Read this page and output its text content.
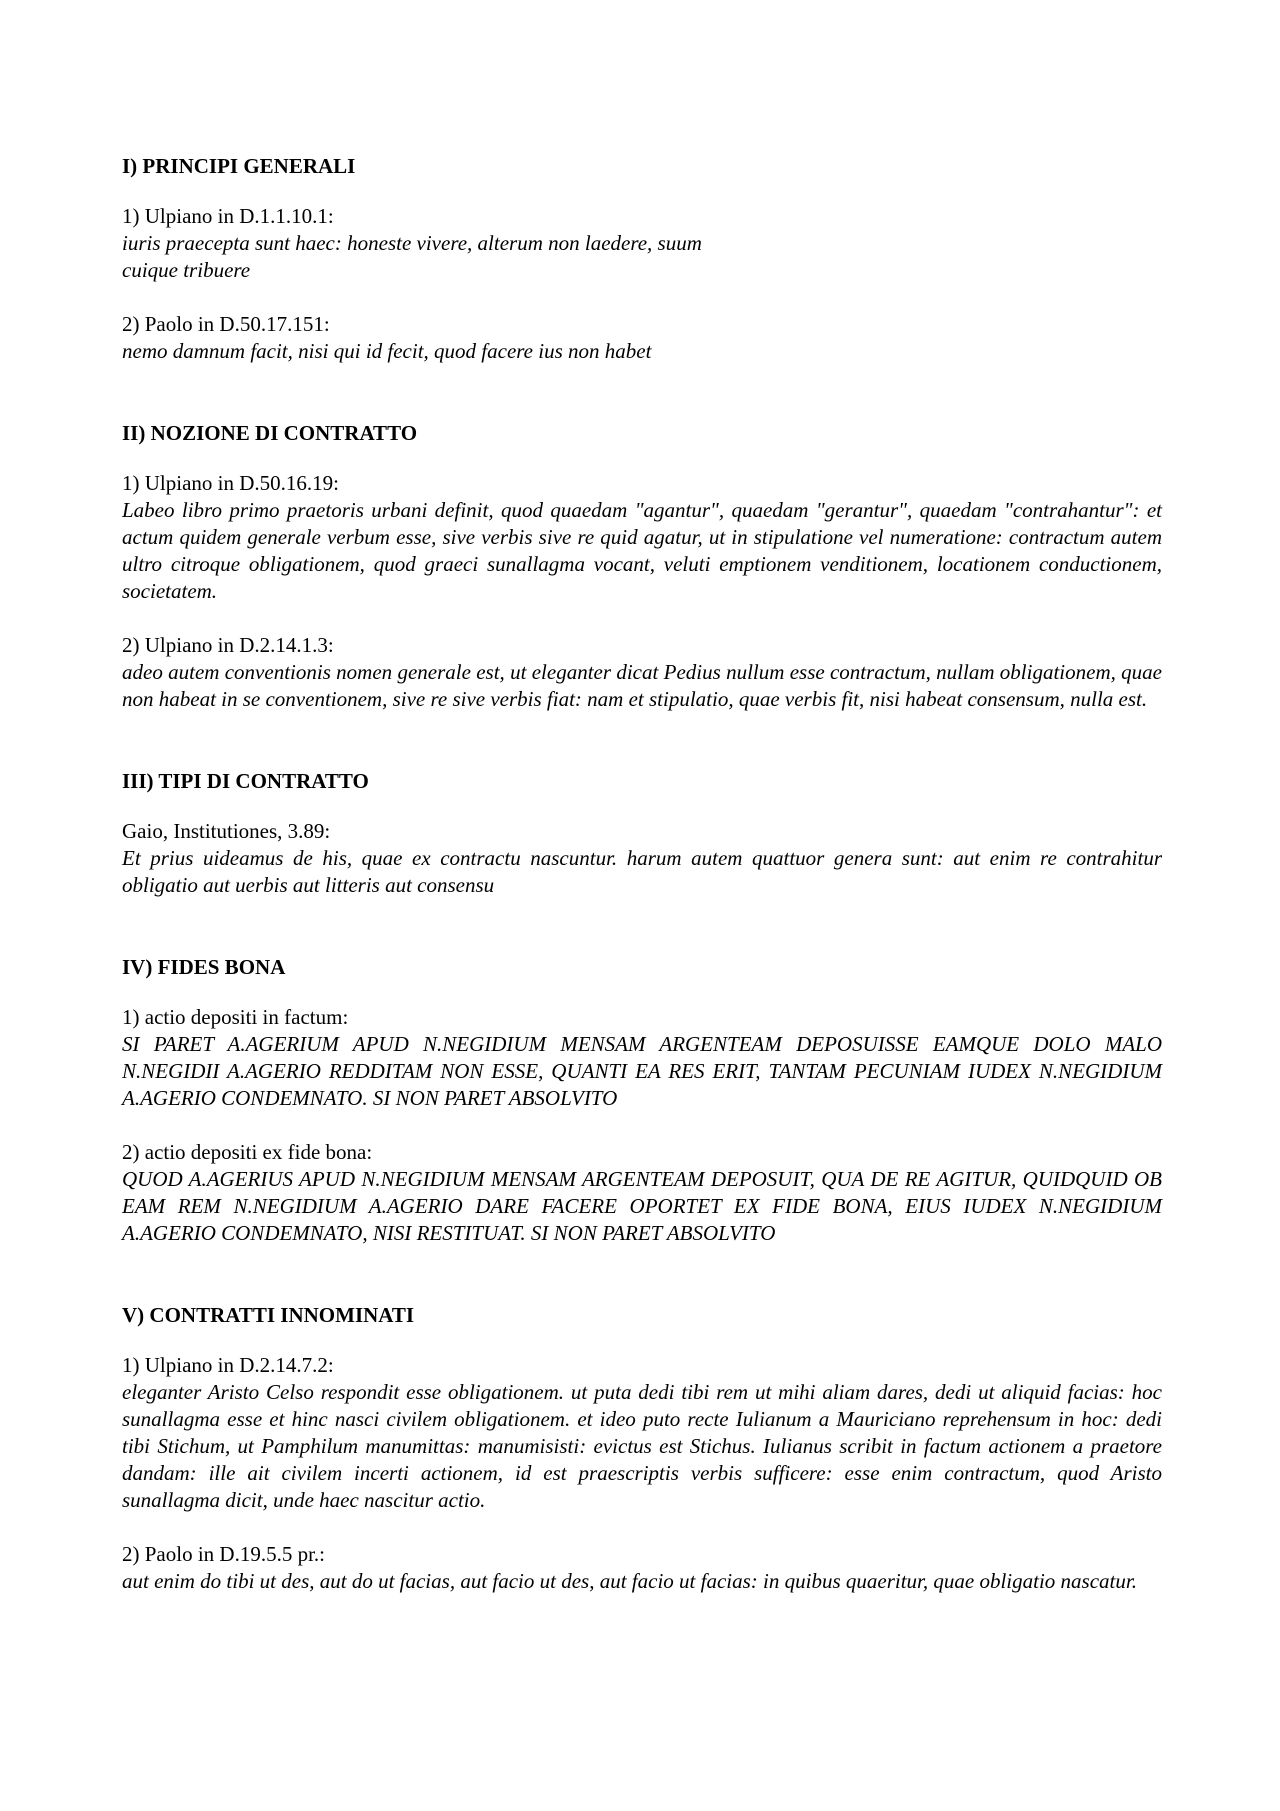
I) PRINCIPI GENERALI

1) Ulpiano in D.1.1.10.1:

iuris praecepta sunt haec: honeste vivere, alterum non laedere, suum

cuique tribuere

2) Paolo in D.50.17.151:

nemo damnum facit, nisi qui id fecit, quod facere ius non habet

II) NOZIONE DI CONTRATTO

1) Ulpiano in D.50.16.19:

Labeo libro primo praetoris urbani definit, quod quaedam "agantur", quaedam "gerantur", quaedam "contrahantur": et actum quidem generale verbum esse, sive verbis sive re quid agatur, ut in stipulatione vel numeratione: contractum autem ultro citroque obligationem, quod graeci sunallagma vocant, veluti emptionem venditionem, locationem conductionem, societatem.

2) Ulpiano in D.2.14.1.3:

adeo autem conventionis nomen generale est, ut eleganter dicat Pedius nullum esse contractum, nullam obligationem, quae non habeat in se conventionem, sive re sive verbis fiat: nam et stipulatio, quae verbis fit, nisi habeat consensum, nulla est.

III) TIPI DI CONTRATTO

Gaio, Institutiones, 3.89:

Et prius uideamus de his, quae ex contractu nascuntur. harum autem quattuor genera sunt: aut enim re contrahitur obligatio aut uerbis aut litteris aut consensu

IV) FIDES BONA

1) actio depositi in factum:

SI PARET A.AGERIUM APUD N.NEGIDIUM MENSAM ARGENTEAM DEPOSUISSE EAMQUE DOLO MALO N.NEGIDII A.AGERIO REDDITAM NON ESSE, QUANTI EA RES ERIT, TANTAM PECUNIAM IUDEX N.NEGIDIUM A.AGERIO CONDEMNATO. SI NON PARET ABSOLVITO

2) actio depositi ex fide bona:

QUOD A.AGERIUS APUD N.NEGIDIUM MENSAM ARGENTEAM DEPOSUIT, QUA DE RE AGITUR, QUIDQUID OB EAM REM N.NEGIDIUM A.AGERIO DARE FACERE OPORTET EX FIDE BONA, EIUS IUDEX N.NEGIDIUM A.AGERIO CONDEMNATO, NISI RESTITUAT. SI NON PARET ABSOLVITO

V) CONTRATTI INNOMINATI

1) Ulpiano in D.2.14.7.2:

eleganter Aristo Celso respondit esse obligationem. ut puta dedi tibi rem ut mihi aliam dares, dedi ut aliquid facias: hoc sunallagma esse et hinc nasci civilem obligationem. et ideo puto recte Iulianum a Mauriciano reprehensum in hoc: dedi tibi Stichum, ut Pamphilum manumittas: manumisisti: evictus est Stichus. Iulianus scribit in factum actionem a praetore dandam: ille ait civilem incerti actionem, id est praescriptis verbis sufficere: esse enim contractum, quod Aristo sunallagma dicit, unde haec nascitur actio.

2) Paolo in D.19.5.5 pr.:

aut enim do tibi ut des, aut do ut facias, aut facio ut des, aut facio ut facias: in quibus quaeritur, quae obligatio nascatur.
